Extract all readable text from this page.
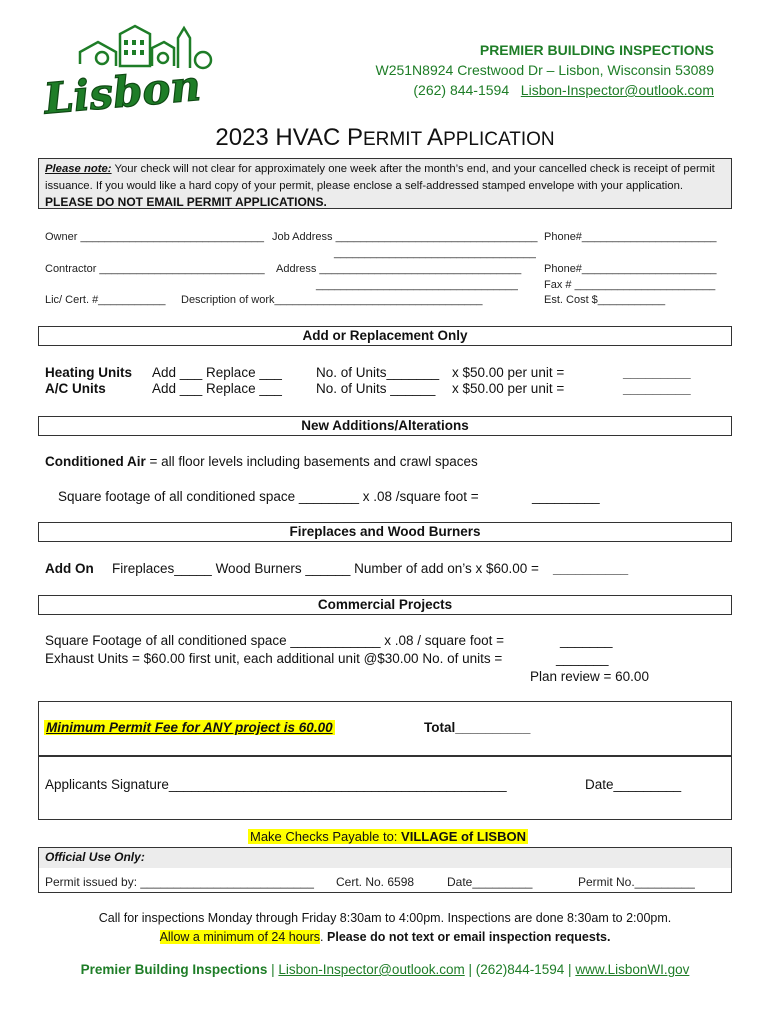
Lisbon
PREMIER BUILDING INSPECTIONS
W251N8924 Crestwood Dr – Lisbon, Wisconsin 53089
(262) 844-1594 Lisbon-Inspector@outlook.com
2023 HVAC PERMIT APPLICATION
Please note: Your check will not clear for approximately one week after the month’s end, and your cancelled check is receipt of permit issuance. If you would like a hard copy of your permit, please enclose a self-addressed stamped envelope with your application. PLEASE DO NOT EMAIL PERMIT APPLICATIONS.
Owner ______________________________ Job Address _________________________________ Phone#______________________
_________________________________
Contractor ___________________________ Address _________________________________ Phone#______________________
_________________________________ Fax # _______________________
Lic/ Cert. #___________ Description of work__________________________________	Est. Cost $___________
Add or Replacement Only
Heating Units Add ___ Replace ___	No. of Units_______ x $50.00 per unit =	_________
A/C Units	Add ___ Replace ___	No. of Units ______ x $50.00 per unit =	_________
New Additions/Alterations
Conditioned Air = all floor levels including basements and crawl spaces
Square footage of all conditioned space ________ x .08 /square foot =	_________
Fireplaces and Wood Burners
Add On Fireplaces_____ Wood Burners ______ Number of add on’s x $60.00 = __________
Commercial Projects
Square Footage of all conditioned space ____________ x .08 / square foot =	_______
Exhaust Units = $60.00 first unit, each additional unit @$30.00 No. of units =	_______
Plan review = 60.00
Minimum Permit Fee for ANY project is 60.00	Total__________
Applicants Signature_____________________________________________	Date_________
Make Checks Payable to: VILLAGE of LISBON
Official Use Only:
Permit issued by: __________________________ Cert. No. 6598	Date_________	Permit No._________
Call for inspections Monday through Friday 8:30am to 4:00pm. Inspections are done 8:30am to 2:00pm.
Allow a minimum of 24 hours. Please do not text or email inspection requests.
Premier Building Inspections | Lisbon-Inspector@outlook.com | (262)844-1594 | www.LisbonWI.gov
